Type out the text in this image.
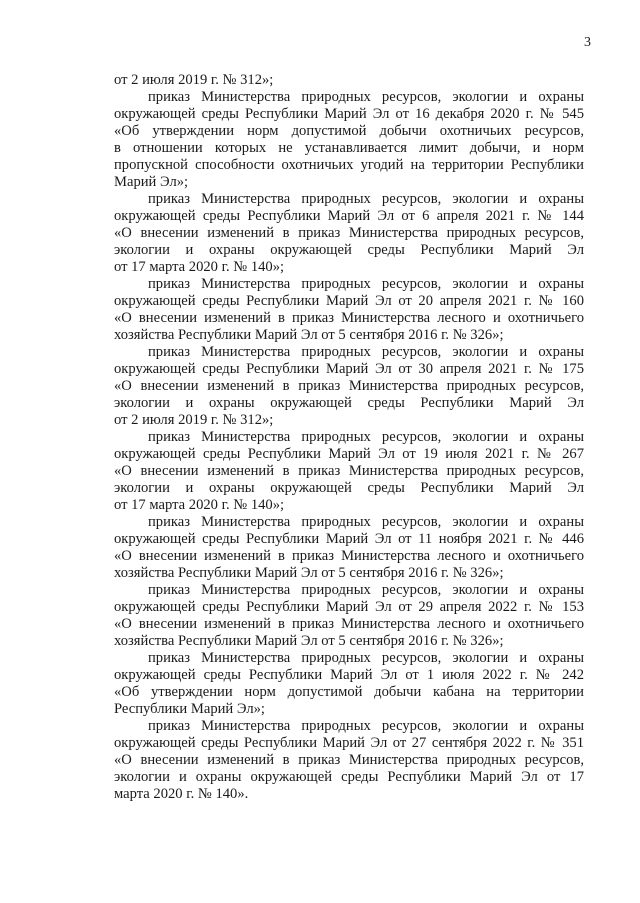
3
от 2 июля 2019 г. № 312»;
приказ Министерства природных ресурсов, экологии и охраны
окружающей среды Республики Марий Эл от 16 декабря 2020 г. № 545
«Об утверждении норм допустимой добычи охотничьих ресурсов,
в отношении которых не устанавливается лимит добычи, и норм
пропускной способности охотничьих угодий на территории Республики
Марий Эл»;
приказ Министерства природных ресурсов, экологии и охраны
окружающей среды Республики Марий Эл от 6 апреля 2021 г. № 144
«О внесении изменений в приказ Министерства природных ресурсов,
экологии и охраны окружающей среды Республики Марий Эл
от 17 марта 2020 г. № 140»;
приказ Министерства природных ресурсов, экологии и охраны
окружающей среды Республики Марий Эл от 20 апреля 2021 г. № 160
«О внесении изменений в приказ Министерства лесного и охотничьего
хозяйства Республики Марий Эл от 5 сентября 2016 г. № 326»;
приказ Министерства природных ресурсов, экологии и охраны
окружающей среды Республики Марий Эл от 30 апреля 2021 г. № 175
«О внесении изменений в приказ Министерства природных ресурсов,
экологии и охраны окружающей среды Республики Марий Эл
от 2 июля 2019 г. № 312»;
приказ Министерства природных ресурсов, экологии и охраны
окружающей среды Республики Марий Эл от 19 июля 2021 г. № 267
«О внесении изменений в приказ Министерства природных ресурсов,
экологии и охраны окружающей среды Республики Марий Эл
от 17 марта 2020 г. № 140»;
приказ Министерства природных ресурсов, экологии и охраны
окружающей среды Республики Марий Эл от 11 ноября 2021 г. № 446
«О внесении изменений в приказ Министерства лесного и охотничьего
хозяйства Республики Марий Эл от 5 сентября 2016 г. № 326»;
приказ Министерства природных ресурсов, экологии и охраны
окружающей среды Республики Марий Эл от 29 апреля 2022 г. № 153
«О внесении изменений в приказ Министерства лесного и охотничьего
хозяйства Республики Марий Эл от 5 сентября 2016 г. № 326»;
приказ Министерства природных ресурсов, экологии и охраны
окружающей среды Республики Марий Эл от 1 июля 2022 г. № 242
«Об утверждении норм допустимой добычи кабана на территории
Республики Марий Эл»;
приказ Министерства природных ресурсов, экологии и охраны
окружающей среды Республики Марий Эл от 27 сентября 2022 г. № 351
«О внесении изменений в приказ Министерства природных ресурсов,
экологии и охраны окружающей среды Республики Марий Эл от 17
марта 2020 г. № 140».
